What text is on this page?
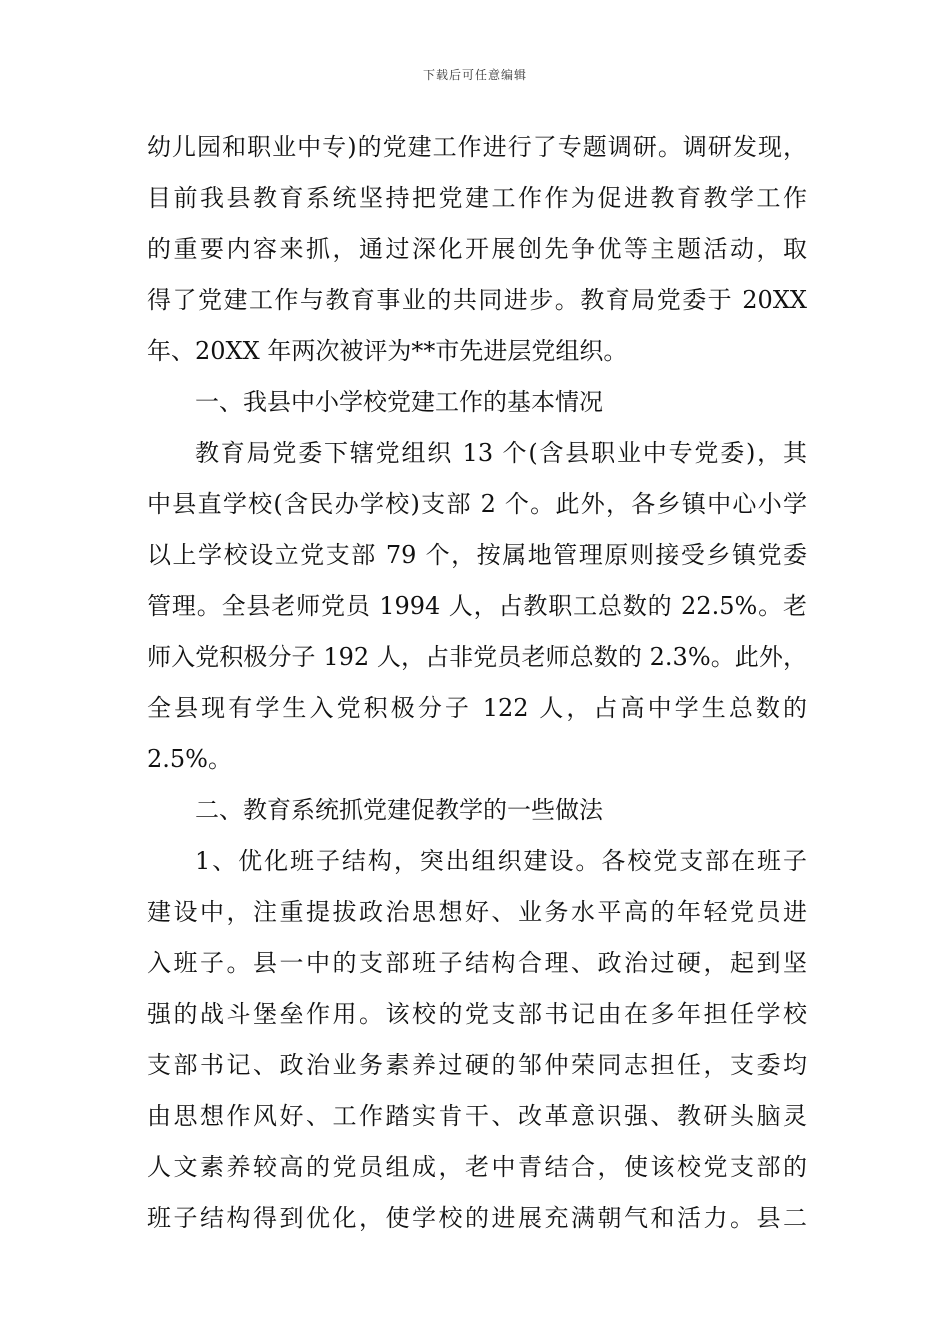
下载后可任意编辑
幼儿园和职业中专)的党建工作进行了专题调研。调研发现，
目前我县教育系统坚持把党建工作作为促进教育教学工作
的重要内容来抓，通过深化开展创先争优等主题活动，取
得了党建工作与教育事业的共同进步。教育局党委于 20XX
年、20XX 年两次被评为**市先进层党组织。
一、我县中小学校党建工作的基本情况
教育局党委下辖党组织 13 个(含县职业中专党委)，其
中县直学校(含民办学校)支部 2 个。此外，各乡镇中心小学
以上学校设立党支部 79 个，按属地管理原则接受乡镇党委
管理。全县老师党员 1994 人，占教职工总数的 22.5%。老
师入党积极分子 192 人，占非党员老师总数的 2.3%。此外，
全县现有学生入党积极分子 122 人，占高中学生总数的
2.5%。
二、教育系统抓党建促教学的一些做法
1、优化班子结构，突出组织建设。各校党支部在班子
建设中，注重提拔政治思想好、业务水平高的年轻党员进
入班子。县一中的支部班子结构合理、政治过硬，起到坚
强的战斗堡垒作用。该校的党支部书记由在多年担任学校
支部书记、政治业务素养过硬的邹仲荣同志担任，支委均
由思想作风好、工作踏实肯干、改革意识强、教研头脑灵
人文素养较高的党员组成，老中青结合，使该校党支部的
班子结构得到优化，使学校的进展充满朝气和活力。县二
